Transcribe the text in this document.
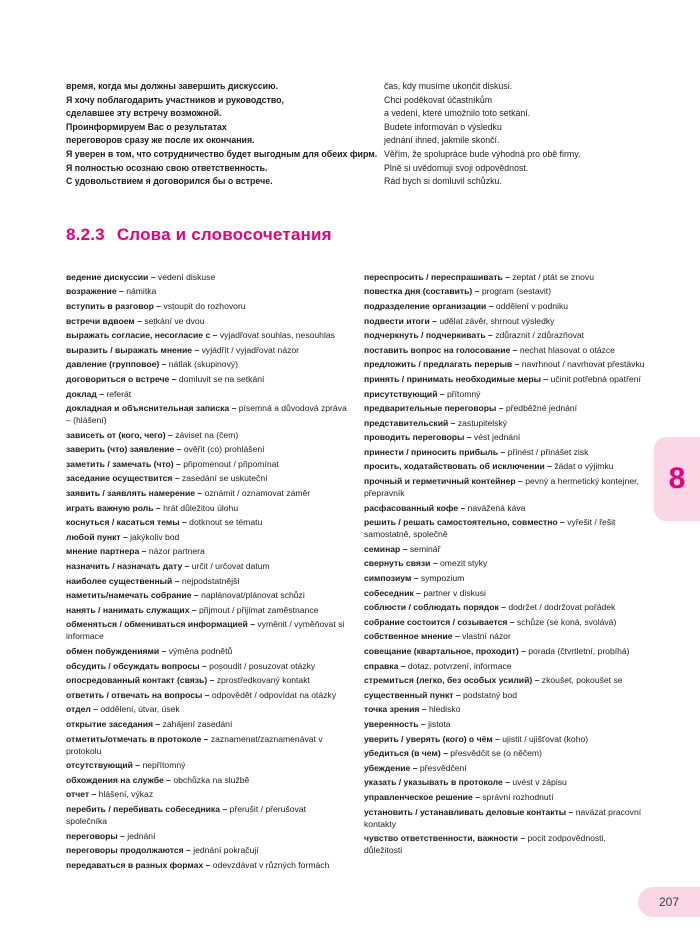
время, когда мы должны завершить дискуссию.
Я хочу поблагодарить участников и руководство,
сделавшее эту встречу возможной.
Проинформируем Вас о результатах
переговоров сразу же после их окончания.
Я уверен в том, что сотрудничество будет выгодным для обеих фирм.
Я полностью осознаю свою ответственность.
С удовольствием я договорился бы о встрече.
čas, kdy musíme ukončit diskusi.
Chci poděkovat účastníkům
a vedení, které umožnilo toto setkání.
Budete informován o výsledku
jednání ihned, jakmile skončí.
Věřím, že spolupráce bude výhodná pro obě firmy.
Plně si uvědomuji svoji odpovědnost.
Rád bych si domluvil schůzku.
8.2.3 Слова и словосочетания
ведение дискуссии – vedení diskuse
возражение – námitka
вступить в разговор – vstoupit do rozhovoru
встречи вдвоем – setkání ve dvou
выражать согласие, несогласие с – vyjadřovat souhlas, nesouhlas
выразить / выражать мнение – vyjádřit / vyjadřovat názor
давление (групповое) – nátlak (skupinový)
договориться о встрече – domluvit se na setkání
доклад – referát
докладная и объяснительная записка – písemná a důvodová zpráva – (hlášení)
зависеть от (кого, чего) – záviset na (čem)
заверить (что) заявление – ověřit (co) prohlášení
заметить / замечать (что) – připomenout / připomínat
заседание осуществится – zasedání se uskuteční
заявить / заявлять намерение – oznámit / oznamovat záměr
играть важную роль – hrát důležitou úlohu
коснуться / касаться темы – dotknout se tématu
любой пункт – jakýkoliv bod
мнение партнера – názor partnera
назначить / назначать дату – určit / určovat datum
наиболее существенный – nejpodstatnější
наметить/намечать собрание – naplánovat/plánovat schůzi
нанять / нанимать служащих – přijmout / přijímat zaměstnance
обменяться / обмениваться информацией – vyměnit / vyměňovat si informace
обмен побуждениями – výměna podnětů
обсудить / обсуждать вопросы – posoudit / posuzovat otázky
опосредованный контакт (связь) – zprostředkovaný kontakt
ответить / отвечать на вопросы – odpovědět / odpovídat na otázky
отдел – oddělení, útvar, úsek
открытие заседания – zahájení zasedání
отметить/отмечать в протоколе – zaznamenat/zaznamenávat v protokolu
отсутствующий – nepřítomný
обхождения на службе – obchůzka na službě
отчет – hlášení, výkaz
перебить / перебивать собеседника – přerušit / přerušovat společníka
переговоры – jednání
переговоры продолжаются – jednání pokračují
передаваться в разных формах – odevzdávat v různých formách
переспросить / переспрашивать – zeptat / ptát se znovu
повестка дня (составить) – program (sestavit)
подразделение организации – oddělení v podniku
подвести итоги – udělat závěr, shrnout výsledky
подчеркнуть / подчеркивать – zdůraznit / zdůrazňovat
поставить вопрос на голосование – nechat hlasovat o otázce
предложить / предлагать перерыв – navrhnout / navrhovat přestávku
принять / принимать необходимые меры – učinit potřebná opatření
присутствующий – přítomný
предварительные переговоры – předběžné jednání
представительский – zastupitelský
проводить переговоры – vést jednání
принести / приносить прибыль – přinést / přinášet zisk
просить, ходатайствовать об исключении – žádat o výjimku
прочный и герметичный контейнер – pevný a hermetický kontejner, přepravník
расфасованный кофе – navážená káva
решить / решать самостоятельно, совместно – vyřešit / řešit samostatně, společně
семинар – seminář
свернуть связи – omezit styky
симпозиум – sympozium
собеседник – partner v diskusi
соблюсти / соблюдать порядок – dodržet / dodržovat pořádek
собрание состоится / созывается – schůze (se koná, svolává)
собственное мнение – vlastní názor
совещание (квартальное, проходит) – porada (čtvrtletní, probíhá)
справка – dotaz, potvrzení, informace
стремиться (легко, без особых усилий) – zkoušet, pokoušet se
существенный пункт – podstatný bod
точка зрения – hledisko
уверенность – jistota
уверить / уверять (кого) о чём – ujistit / ujišťovat (koho)
убедиться (в чем) – přesvědčit se (o něčem)
убеждение – přesvědčení
указать / указывать в протоколе – uvést v zápisu
управленческое решение – správní rozhodnutí
установить / устанавливать деловые контакты – navázat pracovní kontakty
чувство ответственности, важности – pocit zodpovědnosti, důležitosti
8
207
